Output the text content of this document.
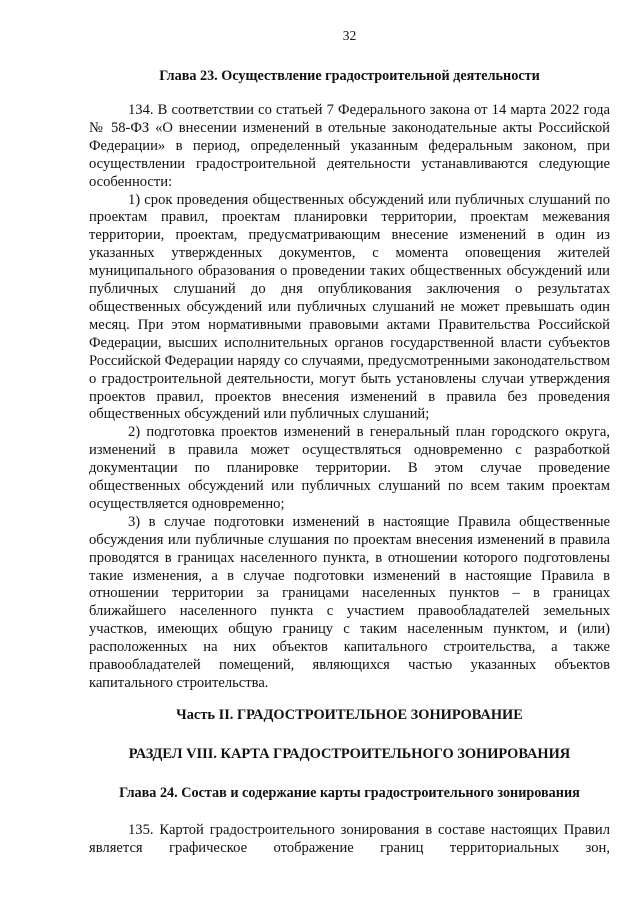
32
Глава 23. Осуществление градостроительной деятельности

134. В соответствии со статьей 7 Федерального закона от 14 марта 2022 года № 58-ФЗ «О внесении изменений в отельные законодательные акты Российской Федерации» в период, определенный указанным федеральным законом, при осуществлении градостроительной деятельности устанавливаются следующие особенности:

1) срок проведения общественных обсуждений или публичных слушаний по проектам правил, проектам планировки территории, проектам межевания территории, проектам, предусматривающим внесение изменений в один из указанных утвержденных документов, с момента оповещения жителей муниципального образования о проведении таких общественных обсуждений или публичных слушаний до дня опубликования заключения о результатах общественных обсуждений или публичных слушаний не может превышать один месяц. При этом нормативными правовыми актами Правительства Российской Федерации, высших исполнительных органов государственной власти субъектов Российской Федерации наряду со случаями, предусмотренными законодательством о градостроительной деятельности, могут быть установлены случаи утверждения проектов правил, проектов внесения изменений в правила без проведения общественных обсуждений или публичных слушаний;

2) подготовка проектов изменений в генеральный план городского округа, изменений в правила может осуществляться одновременно с разработкой документации по планировке территории. В этом случае проведение общественных обсуждений или публичных слушаний по всем таким проектам осуществляется одновременно;

3) в случае подготовки изменений в настоящие Правила общественные обсуждения или публичные слушания по проектам внесения изменений в правила проводятся в границах населенного пункта, в отношении которого подготовлены такие изменения, а в случае подготовки изменений в настоящие Правила в отношении территории за границами населенных пунктов – в границах ближайшего населенного пункта с участием правообладателей земельных участков, имеющих общую границу с таким населенным пунктом, и (или) расположенных на них объектов капитального строительства, а также правообладателей помещений, являющихся частью указанных объектов капитального строительства.

Часть II. ГРАДОСТРОИТЕЛЬНОЕ ЗОНИРОВАНИЕ
РАЗДЕЛ VIII. КАРТА ГРАДОСТРОИТЕЛЬНОГО ЗОНИРОВАНИЯ
Глава 24. Состав и содержание карты градостроительного зонирования

135. Картой градостроительного зонирования в составе настоящих Правил является графическое отображение границ территориальных зон,
